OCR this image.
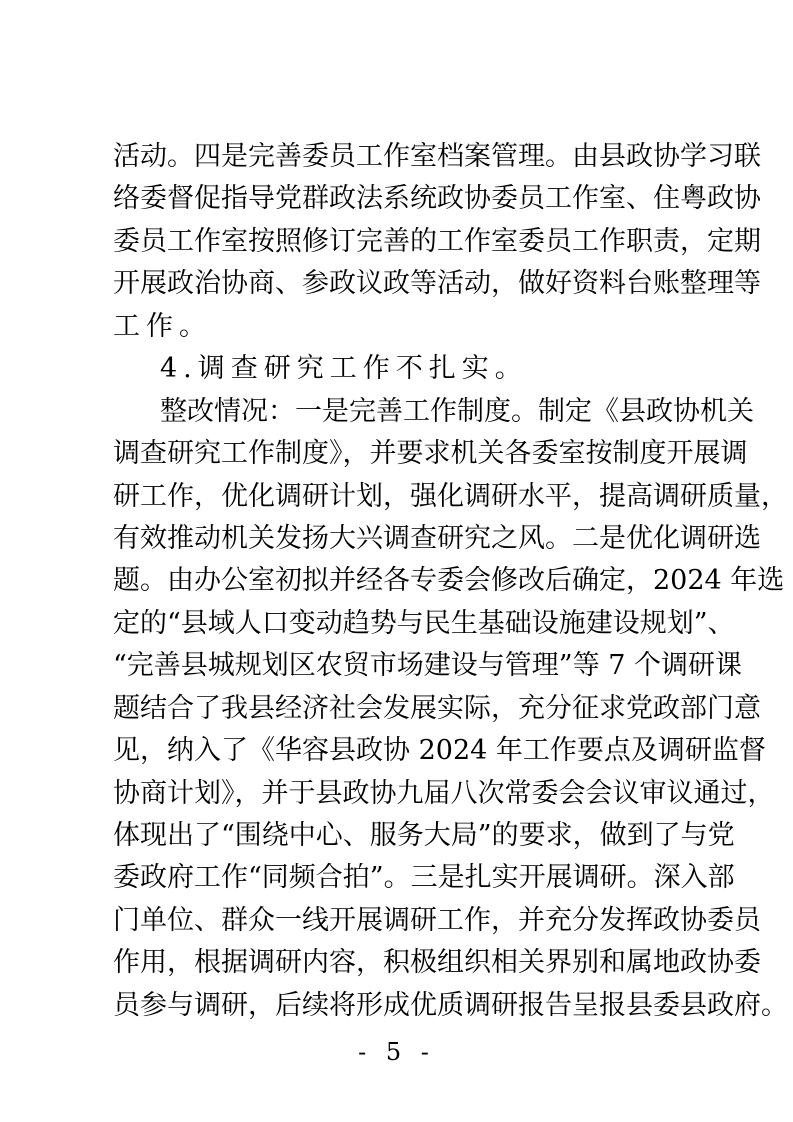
活动。四是完善委员工作室档案管理。由县政协学习联
络委督促指导党群政法系统政协委员工作室、住粤政协
委员工作室按照修订完善的工作室委员工作职责，定期
开展政治协商、参政议政等活动，做好资料台账整理等
工作。
4.调查研究工作不扎实。
整改情况：一是完善工作制度。制定《县政协机关
调查研究工作制度》，并要求机关各委室按制度开展调
研工作，优化调研计划，强化调研水平，提高调研质量，
有效推动机关发扬大兴调查研究之风。二是优化调研选
题。由办公室初拟并经各专委会修改后确定，2024 年选
定的“县域人口变动趋势与民生基础设施建设规划”、
“完善县城规划区农贸市场建设与管理”等 7 个调研课
题结合了我县经济社会发展实际，充分征求党政部门意
见，纳入了《华容县政协 2024 年工作要点及调研监督
协商计划》，并于县政协九届八次常委会会议审议通过，
体现出了“围绕中心、服务大局”的要求，做到了与党
委政府工作“同频合拍”。三是扎实开展调研。深入部
门单位、群众一线开展调研工作，并充分发挥政协委员
作用，根据调研内容，积极组织相关界别和属地政协委
员参与调研，后续将形成优质调研报告呈报县委县政府。
- 5 -
